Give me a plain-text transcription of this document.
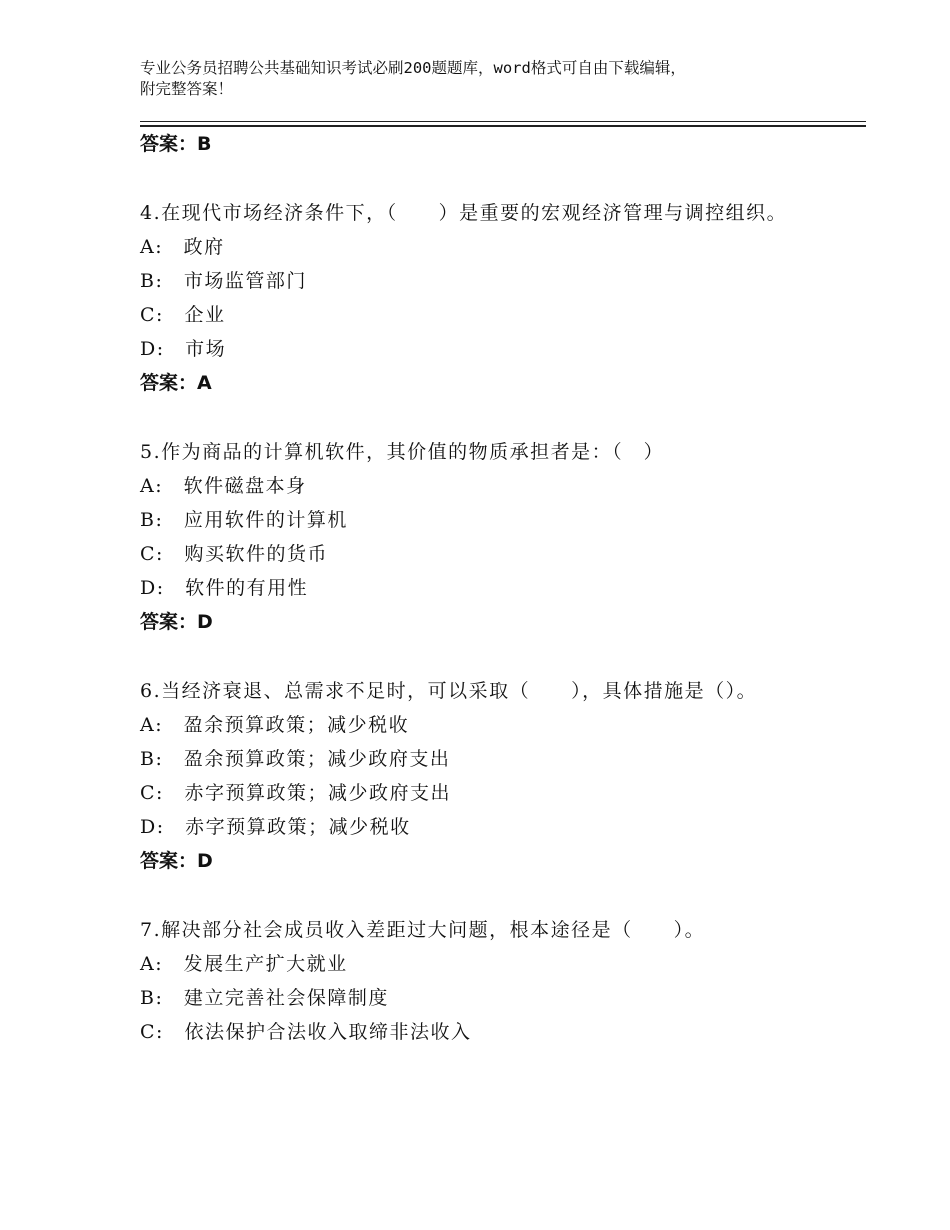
专业公务员招聘公共基础知识考试必刷200题题库，word格式可自由下载编辑，
附完整答案！

答案：B

4.在现代市场经济条件下，（　　）是重要的宏观经济管理与调控组织。

A:　政府

B:　市场监管部门

C:　企业

D:　市场

答案：A

5.作为商品的计算机软件，其价值的物质承担者是：（　）

A:　软件磁盘本身

B:　应用软件的计算机

C:　购买软件的货币

D:　软件的有用性

答案：D

6.当经济衰退、总需求不足时，可以采取（　　），具体措施是（）。

A:　盈余预算政策；减少税收

B:　盈余预算政策；减少政府支出

C:　赤字预算政策；减少政府支出

D:　赤字预算政策；减少税收

答案：D

7.解决部分社会成员收入差距过大问题，根本途径是（　　）。

A:　发展生产扩大就业

B:　建立完善社会保障制度

C:　依法保护合法收入取缔非法收入
